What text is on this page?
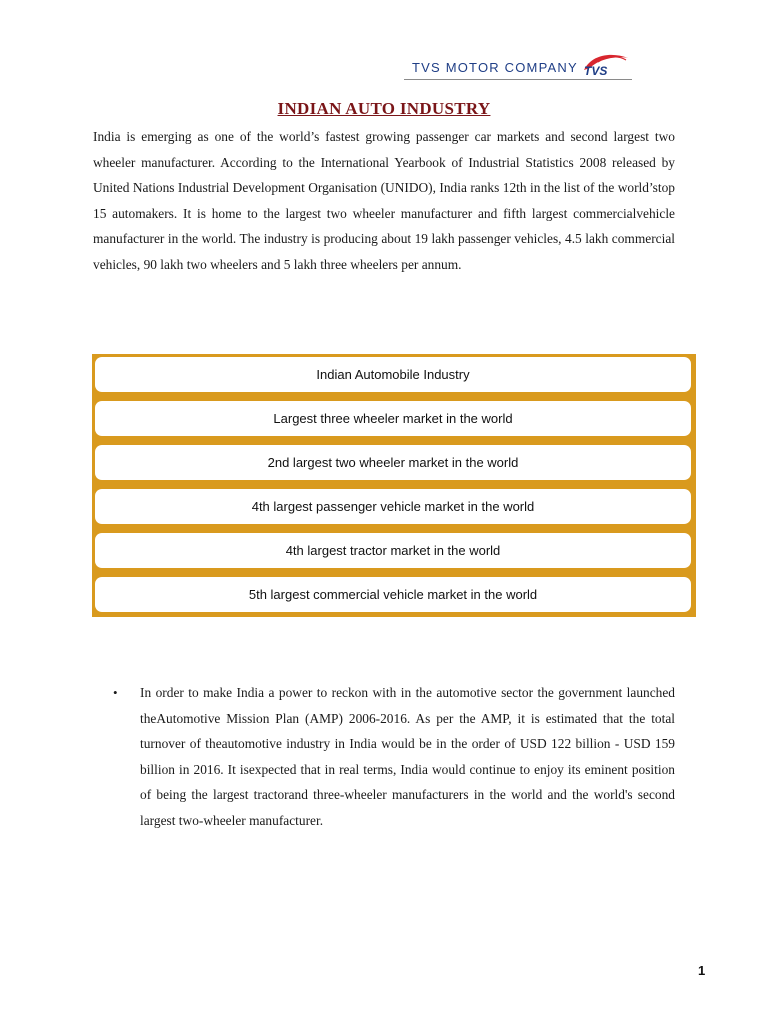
TVS MOTOR COMPANY TVS
INDIAN AUTO INDUSTRY

India is emerging as one of the world’s fastest growing passenger car markets and second largest two wheeler manufacturer. According to the International Yearbook of Industrial Statistics 2008 released by United Nations Industrial Development Organisation (UNIDO), India ranks 12th in the list of the world’stop 15 automakers. It is home to the largest two wheeler manufacturer and fifth largest commercialvehicle manufacturer in the world. The industry is producing about 19 lakh passenger vehicles, 4.5 lakh commercial vehicles, 90 lakh two wheelers and 5 lakh three wheelers per annum.

Indian Automobile Industry
Largest three wheeler market in the world
2nd largest two wheeler market in the world
4th largest passenger vehicle market in the world
4th largest tractor market in the world
5th largest commercial vehicle market in the world
•	In order to make India a power to reckon with in the automotive sector the government launched theAutomotive Mission Plan (AMP) 2006-2016. As per the AMP, it is estimated that the total turnover of theautomotive industry in India would be in the order of USD 122 billion - USD 159 billion in 2016. It isexpected that in real terms, India would continue to enjoy its eminent position of being the largest tractorand three-wheeler manufacturers in the world and the world's second largest two-wheeler manufacturer.
1
